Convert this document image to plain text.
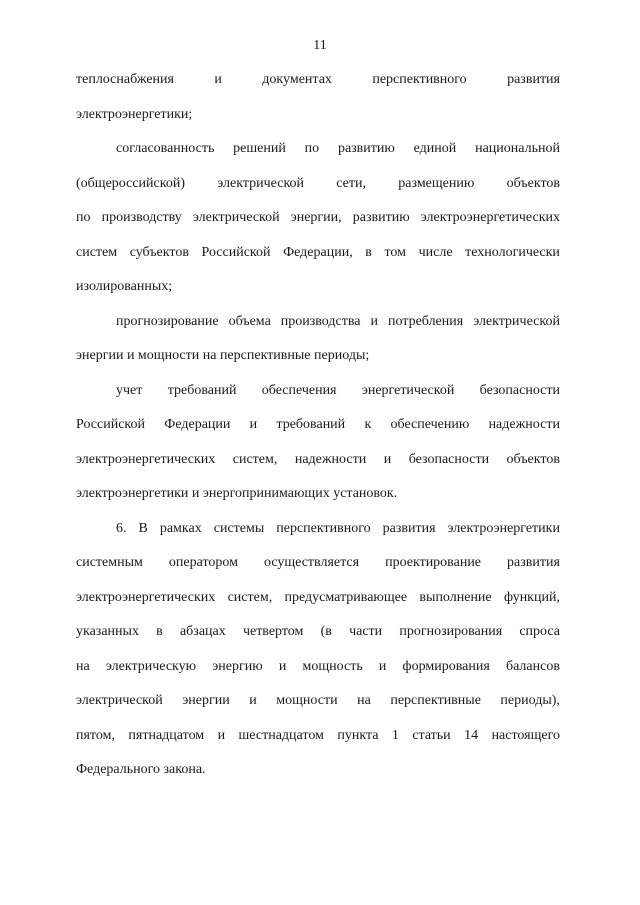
11
теплоснабжения	и	документах	перспективного	развития
электроэнергетики;
согласованность решений по развитию единой национальной
(общероссийской) электрической сети, размещению объектов
по производству электрической энергии, развитию электроэнергетических
систем субъектов Российской Федерации, в том числе технологически
изолированных;
прогнозирование объема производства и потребления электрической
энергии и мощности на перспективные периоды;
учет требований обеспечения энергетической безопасности
Российской Федерации и требований к обеспечению надежности
электроэнергетических систем, надежности и безопасности объектов
электроэнергетики и энергопринимающих установок.
6. В рамках системы перспективного развития электроэнергетики
системным оператором осуществляется проектирование развития
электроэнергетических систем, предусматривающее выполнение функций,
указанных в абзацах четвертом (в части прогнозирования спроса
на электрическую энергию и мощность и формирования балансов
электрической энергии и мощности на перспективные периоды),
пятом, пятнадцатом и шестнадцатом пункта 1 статьи 14 настоящего
Федерального закона.
